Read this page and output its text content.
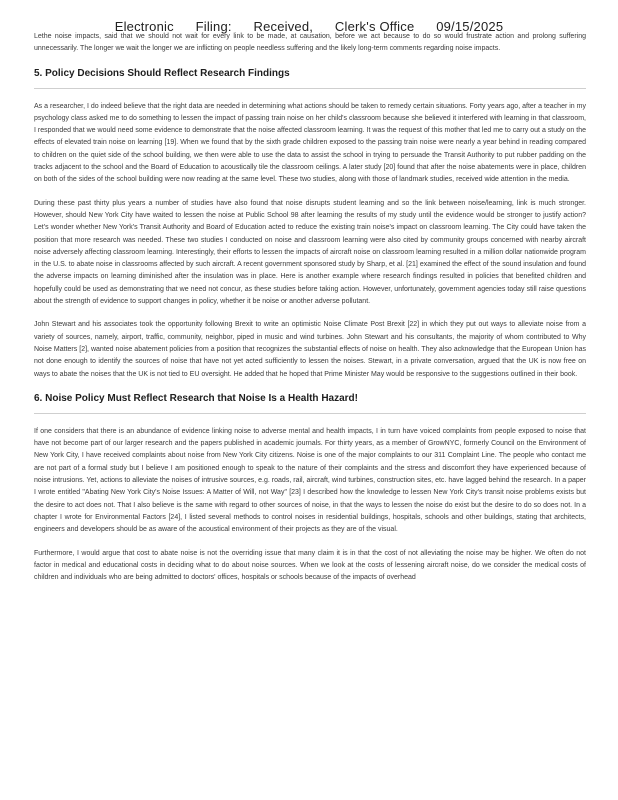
Electronic Filing: Received, Clerk's Office 09/15/2025

Lethe noise impacts, said that we should not wait for every link to be made, at causation, before we act because to do so would frustrate action and prolong suffering unnecessarily. The longer we wait the longer we are inflicting on people needless suffering and the likely long-term comments regarding noise impacts.

5. Policy Decisions Should Reflect Research Findings

As a researcher, I do indeed believe that the right data are needed in determining what actions should be taken to remedy certain situations. Forty years ago, after a teacher in my psychology class asked me to do something to lessen the impact of passing train noise on her child's classroom because she believed it interfered with learning in that classroom, I responded that we would need some evidence to demonstrate that the noise affected classroom learning. It was the request of this mother that led me to carry out a study on the effects of elevated train noise on learning [19]. When we found that by the sixth grade children exposed to the passing train noise were nearly a year behind in reading compared to children on the quiet side of the school building, we then were able to use the data to assist the school in trying to persuade the Transit Authority to put rubber padding on the tracks adjacent to the school and the Board of Education to acoustically tile the classroom ceilings. A later study [20] found that after the noise abatements were in place, children on both of the sides of the school building were now reading at the same level. These two studies, along with those of landmark studies, received wide attention in the media.

During these past thirty plus years a number of studies have also found that noise disrupts student learning and so the link between noise/learning, link is much stronger. However, should New York City have waited to lessen the noise at Public School 98 after learning the results of my study until the evidence would be stronger to justify action? Let's wonder whether New York's Transit Authority and Board of Education acted to reduce the existing train noise's impact on classroom learning. The City could have taken the position that more research was needed. These two studies I conducted on noise and classroom learning were also cited by community groups concerned with nearby aircraft noise adversely affecting classroom learning. Interestingly, their efforts to lessen the impacts of aircraft noise on classroom learning resulted in a million dollar nationwide program in the U.S. to abate noise in classrooms affected by such aircraft. A recent government sponsored study by Sharp, et al. [21] examined the effect of the sound insulation and found the adverse impacts on learning diminished after the insulation was in place. Here is another example where research findings resulted in policies that benefited children and hopefully could be used as demonstrating that we need not concur, as these studies before taking action. However, unfortunately, government agencies today still raise questions about the strength of evidence to support changes in policy, whether it be noise or another adverse pollutant.

John Stewart and his associates took the opportunity following Brexit to write an optimistic Noise Climate Post Brexit [22] in which they put out ways to alleviate noise from a variety of sources, namely, airport, traffic, community, neighbor, piped in music and wind turbines. John Stewart and his consultants, the majority of whom contributed to Why Noise Matters [2], wanted noise abatement policies from a position that recognizes the substantial effects of noise on health. They also acknowledge that the European Union has not done enough to identify the sources of noise that have not yet acted sufficiently to lessen the noises. Stewart, in a private conversation, argued that the UK is now free on ways to abate the noises that the UK is not tied to EU oversight. He added that he hoped that Prime Minister May would be responsive to the suggestions outlined in their book.

6. Noise Policy Must Reflect Research that Noise Is a Health Hazard!

If one considers that there is an abundance of evidence linking noise to adverse mental and health impacts, I in turn have voiced complaints from people exposed to noise that have not become part of our larger research and the papers published in academic journals. For thirty years, as a member of GrowNYC, formerly Council on the Environment of New York City, I have received complaints about noise from New York City citizens. Noise is one of the major complaints to our 311 Complaint Line. The people who contact me are not part of a formal study but I believe I am positioned enough to speak to the nature of their complaints and the stress and discomfort they have experienced because of noise intrusions. Yet, actions to alleviate the noises of intrusive sources, e.g. roads, rail, aircraft, wind turbines, construction sites, etc. have lagged behind the research. In a paper I wrote entitled "Abating New York City's Noise Issues: A Matter of Will, not Way" [23] I described how the knowledge to lessen New York City's transit noise problems exists but the desire to act does not. That I also believe is the same with regard to other sources of noise, in that the ways to lessen the noise do exist but the desire to do so does not. In a chapter I wrote for Environmental Factors [24], I listed several methods to control noises in residential buildings, hospitals, schools and other buildings, stating that architects, engineers and developers should be as aware of the acoustical environment of their projects as they are of the visual.

Furthermore, I would argue that cost to abate noise is not the overriding issue that many claim it is in that the cost of not alleviating the noise may be higher. We often do not factor in medical and educational costs in deciding what to do about noise sources. When we look at the costs of lessening aircraft noise, do we consider the medical costs of children and individuals who are being admitted to doctors' offices, hospitals or schools because of the impacts of overhead
